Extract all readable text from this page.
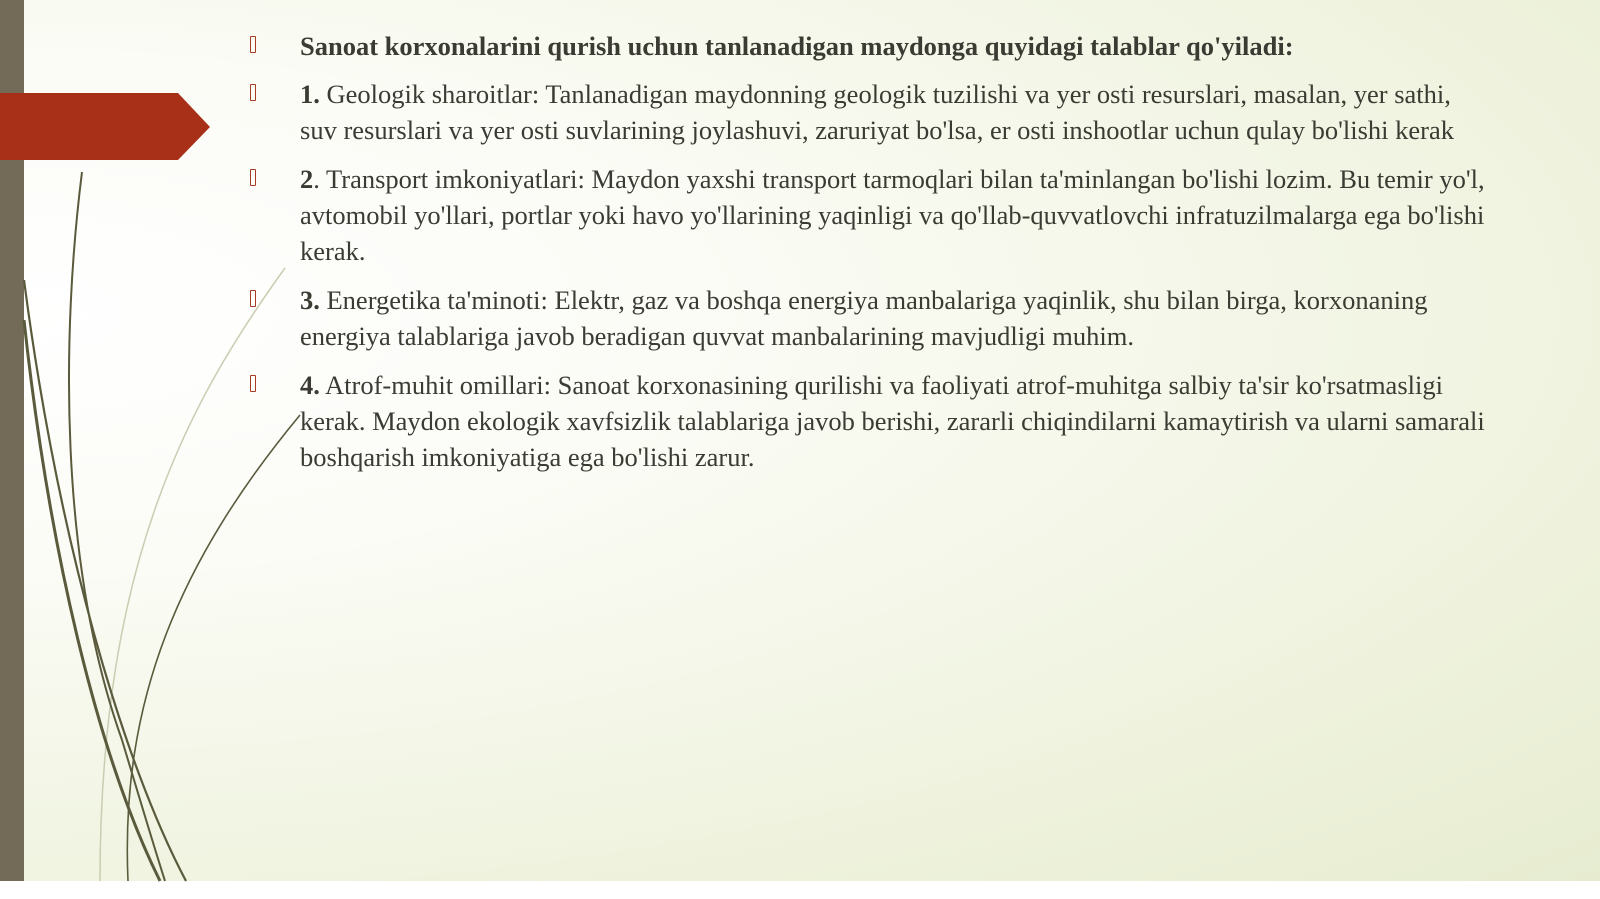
Sanoat korxonalarini qurish uchun tanlanadigan maydonga quyidagi talablar qo'yiladi:
1. Geologik sharoitlar: Tanlanadigan maydonning geologik tuzilishi va yer osti resurslari, masalan, yer sathi, suv resurslari va yer osti suvlarining joylashuvi, zaruriyat bo'lsa, er osti inshootlar uchun qulay bo'lishi kerak
2. Transport imkoniyatlari: Maydon yaxshi transport tarmoqlari bilan ta'minlangan bo'lishi lozim. Bu temir yo'l, avtomobil yo'llari, portlar yoki havo yo'llarining yaqinligi va qo'llab-quvvatlovchi infratuzilmalarga ega bo'lishi kerak.
3. Energetika ta'minoti: Elektr, gaz va boshqa energiya manbalariga yaqinlik, shu bilan birga, korxonaning energiya talablariga javob beradigan quvvat manbalarining mavjudligi muhim.
4. Atrof-muhit omillari: Sanoat korxonasining qurilishi va faoliyati atrof-muhitga salbiy ta'sir ko'rsatmasligi kerak. Maydon ekologik xavfsizlik talablariga javob berishi, zararli chiqindilarni kamaytirish va ularni samarali boshqarish imkoniyatiga ega bo'lishi zarur.
